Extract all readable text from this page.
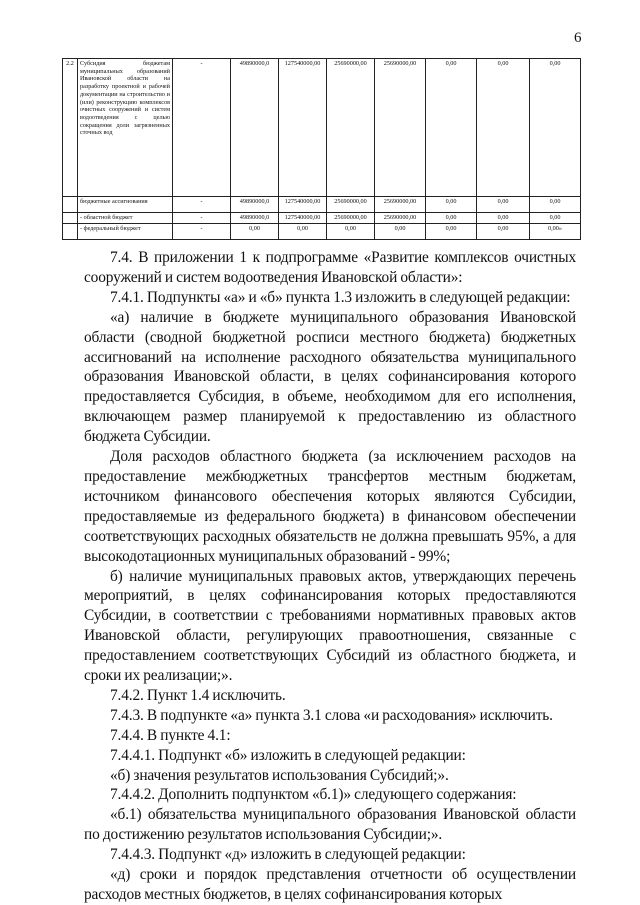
6
2.2	Субсидия бюджетам муниципальных образований Ивановской области на разработку проектной и рабочей документации на строительство и (или) реконструкцию комплексов очистных сооружений и систем водоотведения с целью сокращения доли загрязненных сточных вод	-	49890000,0	127540000,00	25690000,00	25690000,00	0,00	0,00	0,00
	бюджетные ассигнования	-	49890000,0	127540000,00	25690000,00	25690000,00	0,00	0,00	0,00
	- областной бюджет	-	49890000,0	127540000,00	25690000,00	25690000,00	0,00	0,00	0,00
	- федеральный бюджет	-	0,00	0,00	0,00	0,00	0,00	0,00	0,00»

7.4. В приложении 1 к подпрограмме «Развитие комплексов очистных сооружений и систем водоотведения Ивановской области»:

7.4.1. Подпункты «а» и «б» пункта 1.3 изложить в следующей редакции:

«а) наличие в бюджете муниципального образования Ивановской области (сводной бюджетной росписи местного бюджета) бюджетных ассигнований на исполнение расходного обязательства муниципального образования Ивановской области, в целях софинансирования которого предоставляется Субсидия, в объеме, необходимом для его исполнения, включающем размер планируемой к предоставлению из областного бюджета Субсидии.

Доля расходов областного бюджета (за исключением расходов на предоставление межбюджетных трансфертов местным бюджетам, источником финансового обеспечения которых являются Субсидии, предоставляемые из федерального бюджета) в финансовом обеспечении соответствующих расходных обязательств не должна превышать 95%, а для высокодотационных муниципальных образований - 99%;

б) наличие муниципальных правовых актов, утверждающих перечень мероприятий, в целях софинансирования которых предоставляются Субсидии, в соответствии с требованиями нормативных правовых актов Ивановской области, регулирующих правоотношения, связанные с предоставлением соответствующих Субсидий из областного бюджета, и сроки их реализации;».

7.4.2. Пункт 1.4 исключить.

7.4.3. В подпункте «а» пункта 3.1 слова «и расходования» исключить.

7.4.4. В пункте 4.1:

7.4.4.1. Подпункт «б» изложить в следующей редакции:

«б) значения результатов использования Субсидий;».

7.4.4.2. Дополнить подпунктом «б.1)» следующего содержания:

«б.1) обязательства муниципального образования Ивановской области по достижению результатов использования Субсидии;».

7.4.4.3. Подпункт «д» изложить в следующей редакции:

«д) сроки и порядок представления отчетности об осуществлении расходов местных бюджетов, в целях софинансирования которых
